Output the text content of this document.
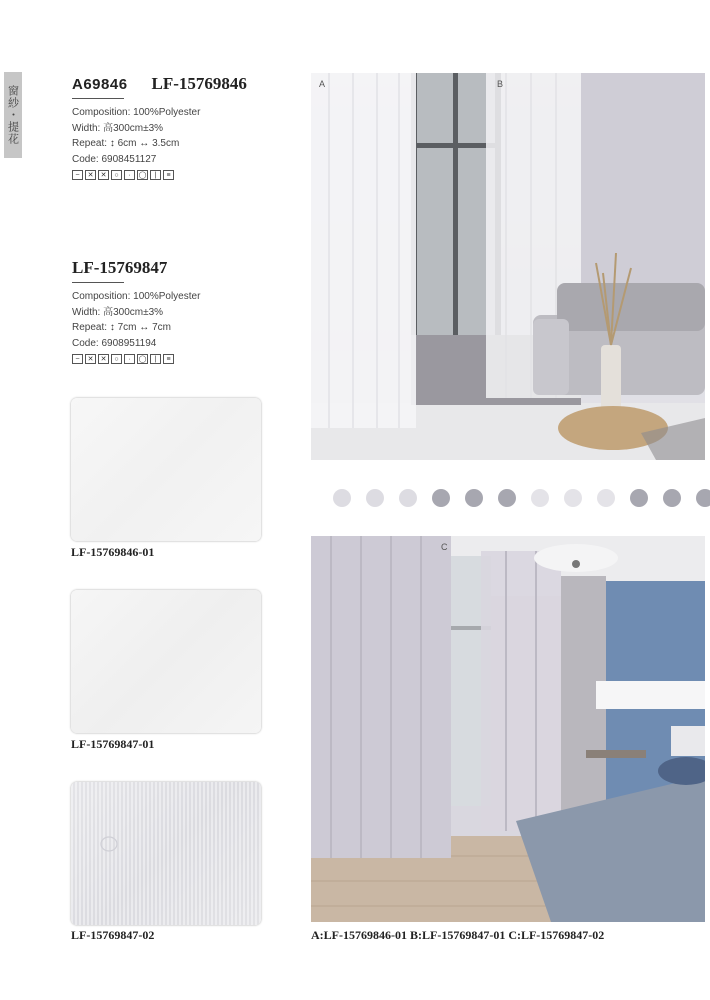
窗紗・提花
A69846 LF-15769846
Composition: 100%Polyester
Width: 高300cm±3%
Repeat: ↕ 6cm ↔ 3.5cm
Code: 6908451127
~	✕	✕	○	·	◯	|	≡
LF-15769847
Composition: 100%Polyester
Width: 高300cm±3%
Repeat: ↕ 7cm ↔ 7cm
Code: 6908951194
~	✕	✕	○	·	◯	|	≡
LF-15769846-01
LF-15769847-01
LF-15769847-02
A	B
C
A:LF-15769846-01 B:LF-15769847-01 C:LF-15769847-02
